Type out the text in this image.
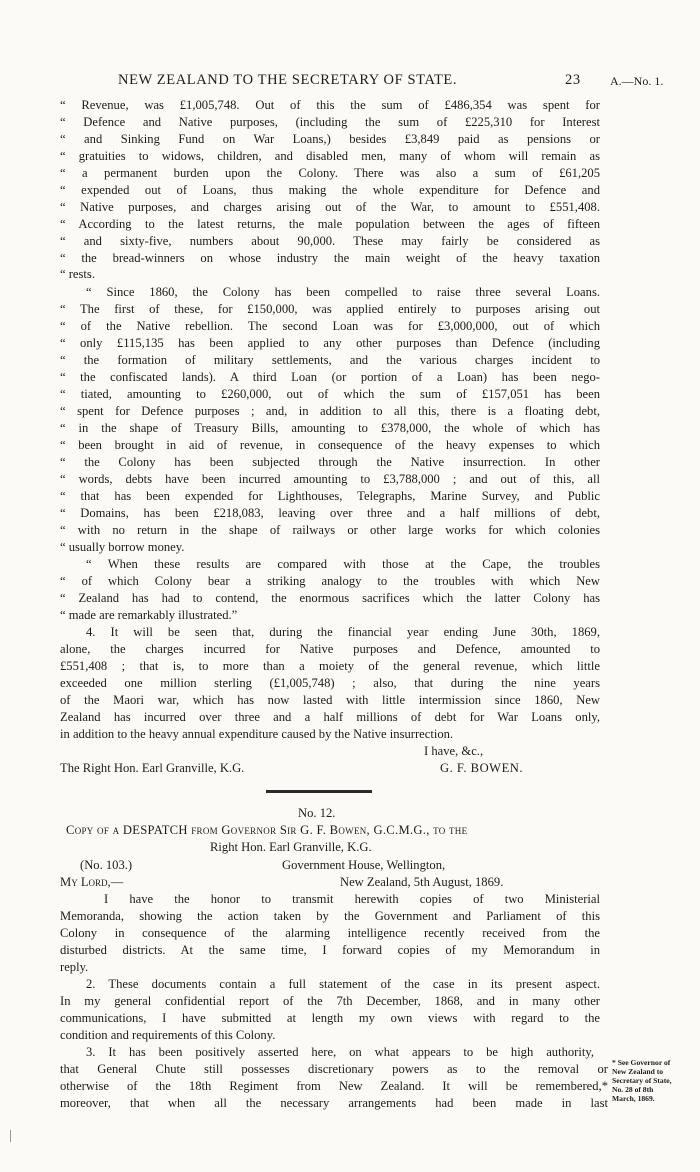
NEW ZEALAND TO THE SECRETARY OF STATE.	23 A.—No. 1.
“ Revenue, was £1,005,748. Out of this the sum of £486,354 was spent for
“ Defence and Native purposes, (including the sum of £225,310 for Interest
“ and Sinking Fund on War Loans,) besides £3,849 paid as pensions or
“ gratuities to widows, children, and disabled men, many of whom will remain as
“ a permanent burden upon the Colony. There was also a sum of £61,205
“ expended out of Loans, thus making the whole expenditure for Defence and
“ Native purposes, and charges arising out of the War, to amount to £551,408.
“ According to the latest returns, the male population between the ages of fifteen
“ and sixty-five, numbers about 90,000. These may fairly be considered as
“ the bread-winners on whose industry the main weight of the heavy taxation
“ rests.
“ Since 1860, the Colony has been compelled to raise three several Loans.
“ The first of these, for £150,000, was applied entirely to purposes arising out
“ of the Native rebellion. The second Loan was for £3,000,000, out of which
“ only £115,135 has been applied to any other purposes than Defence (including
“ the formation of military settlements, and the various charges incident to
“ the confiscated lands). A third Loan (or portion of a Loan) has been nego-
“ tiated, amounting to £260,000, out of which the sum of £157,051 has been
“ spent for Defence purposes ; and, in addition to all this, there is a floating debt,
“ in the shape of Treasury Bills, amounting to £378,000, the whole of which has
“ been brought in aid of revenue, in consequence of the heavy expenses to which
“ the Colony has been subjected through the Native insurrection. In other
“ words, debts have been incurred amounting to £3,788,000 ; and out of this, all
“ that has been expended for Lighthouses, Telegraphs, Marine Survey, and Public
“ Domains, has been £218,083, leaving over three and a half millions of debt,
“ with no return in the shape of railways or other large works for which colonies
“ usually borrow money.
“ When these results are compared with those at the Cape, the troubles
“ of which Colony bear a striking analogy to the troubles with which New
“ Zealand has had to contend, the enormous sacrifices which the latter Colony has
“ made are remarkably illustrated.”
4. It will be seen that, during the financial year ending June 30th, 1869,
alone, the charges incurred for Native purposes and Defence, amounted to
£551,408 ; that is, to more than a moiety of the general revenue, which little
exceeded one million sterling (£1,005,748) ; also, that during the nine years
of the Maori war, which has now lasted with little intermission since 1860, New
Zealand has incurred over three and a half millions of debt for War Loans only,
in addition to the heavy annual expenditure caused by the Native insurrection.
I have, &c.,
The Right Hon. Earl Granville, K.G.	G. F. BOWEN.
No. 12.
Copy of a DESPATCH from Governor Sir G. F. Bowen, G.C.M.G., to the
Right Hon. Earl Granville, K.G.
(No. 103.)	Government House, Wellington,
My Lord,—	New Zealand, 5th August, 1869.
I have the honor to transmit herewith copies of two Ministerial
Memoranda, showing the action taken by the Government and Parliament of this
Colony in consequence of the alarming intelligence recently received from the
disturbed districts. At the same time, I forward copies of my Memorandum in
reply.
2. These documents contain a full statement of the case in its present aspect.
In my general confidential report of the 7th December, 1868, and in many other
communications, I have submitted at length my own views with regard to the
condition and requirements of this Colony.
3. It has been positively asserted here, on what appears to be high authority,
that General Chute still possesses discretionary powers as to the removal or
otherwise of the 18th Regiment from New Zealand. It will be remembered,*
moreover, that when all the necessary arrangements had been made in last
* See Governor of
New Zealand to
Secretary of State,
No. 28 of 8th
March, 1869.
